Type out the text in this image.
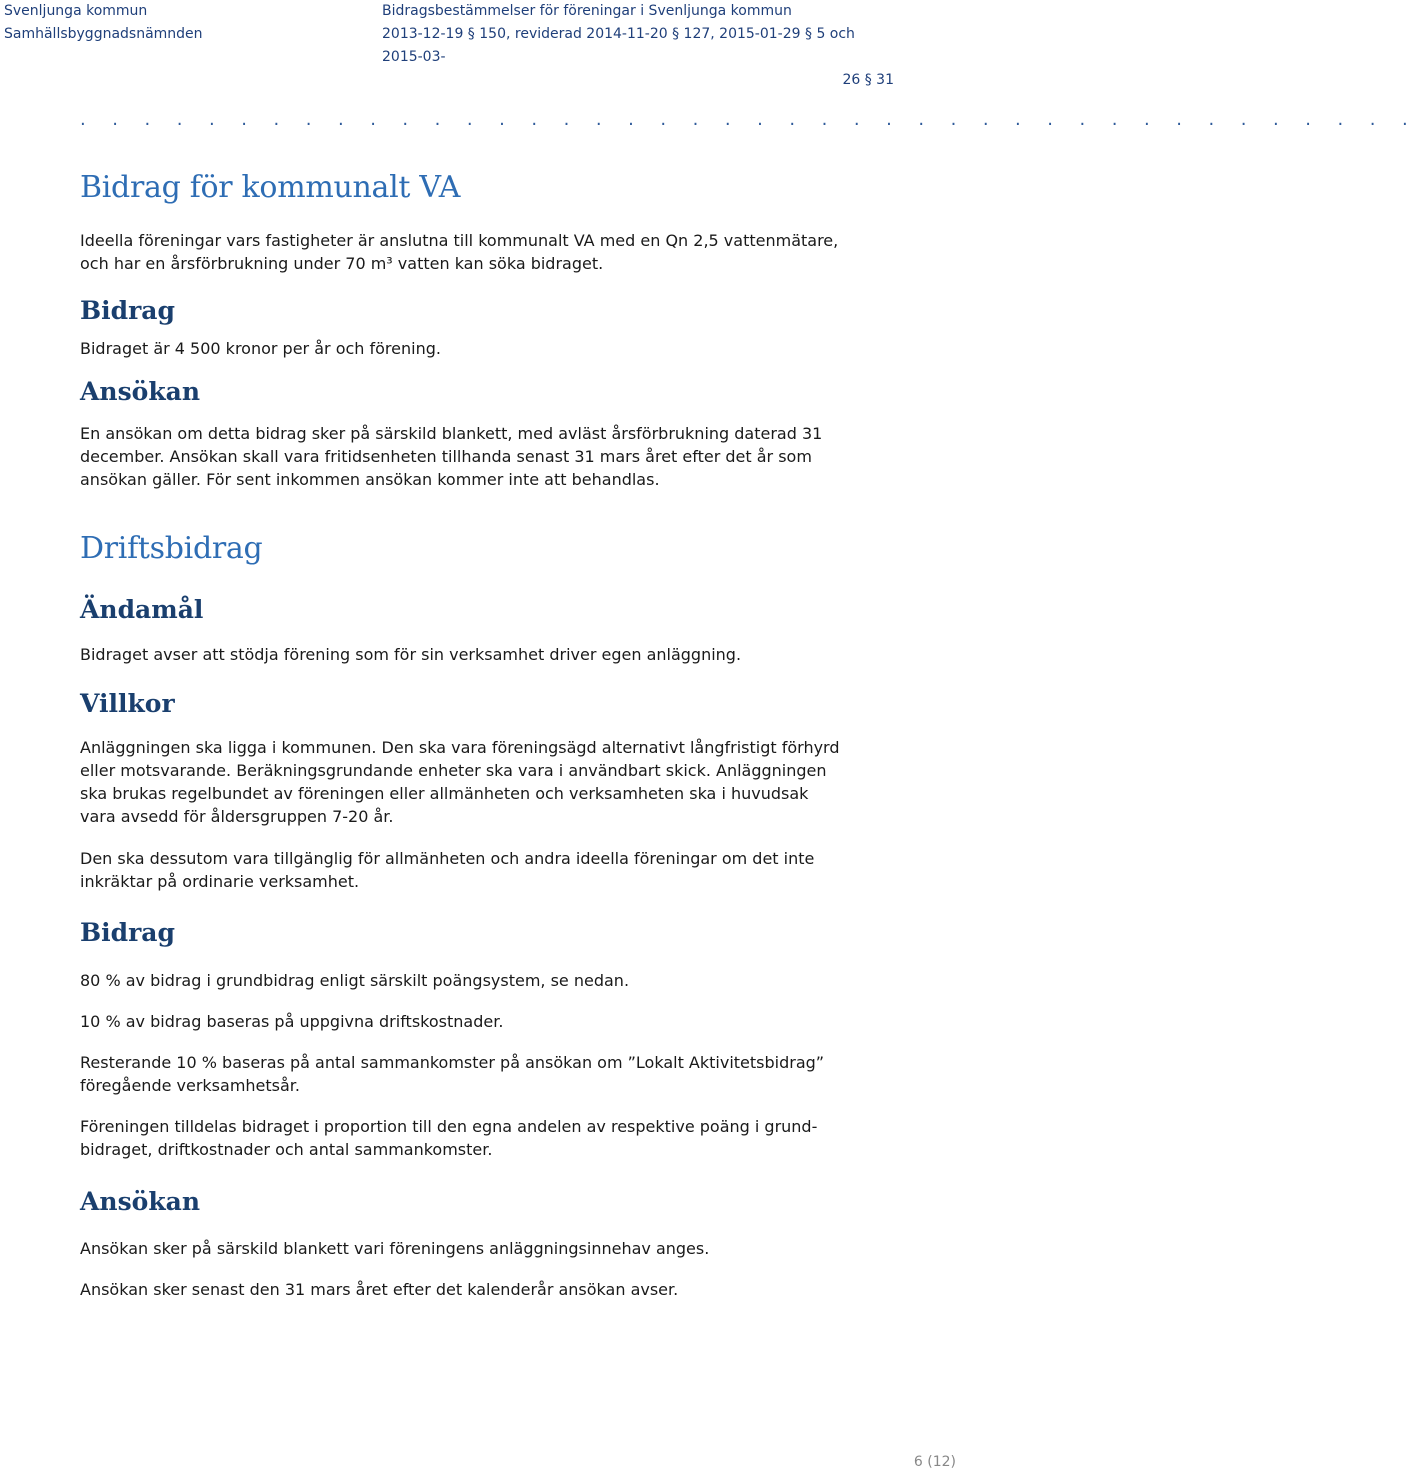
Svenljunga kommun
Samhällsbyggnadsnämnden
Bidragsbestämmelser för föreningar i Svenljunga kommun
2013-12-19 § 150, reviderad 2014-11-20 § 127, 2015-01-29 § 5 och 2015-03-
26 § 31
. . . . . . . . . . . . . . . . . . . . . . . . . . . . . . . . . . . . . . . . . .
Bidrag för kommunalt VA

Ideella föreningar vars fastigheter är anslutna till kommunalt VA med en Qn 2,5 vattenmätare, och har en årsförbrukning under 70 m³ vatten kan söka bidraget.

Bidrag

Bidraget är 4 500 kronor per år och förening.

Ansökan

En ansökan om detta bidrag sker på särskild blankett, med avläst årsförbrukning daterad 31 december. Ansökan skall vara fritidsenheten tillhanda senast 31 mars året efter det år som ansökan gäller. För sent inkommen ansökan kommer inte att behandlas.

Driftsbidrag
Ändamål

Bidraget avser att stödja förening som för sin verksamhet driver egen anläggning.

Villkor

Anläggningen ska ligga i kommunen. Den ska vara föreningsägd alternativt långfristigt förhyrd eller motsvarande. Beräkningsgrundande enheter ska vara i användbart skick. Anläggningen ska brukas regelbundet av föreningen eller allmänheten och verksamheten ska i huvudsak vara avsedd för åldersgruppen 7-20 år.

Den ska dessutom vara tillgänglig för allmänheten och andra ideella föreningar om det inte inkräktar på ordinarie verksamhet.

Bidrag

80 % av bidrag i grundbidrag enligt särskilt poängsystem, se nedan.

10 % av bidrag baseras på uppgivna driftskostnader.

Resterande 10 % baseras på antal sammankomster på ansökan om ”Lokalt Aktivitetsbidrag” föregående verksamhetsår.

Föreningen tilldelas bidraget i proportion till den egna andelen av respektive poäng i grund-bidraget, driftkostnader och antal sammankomster.

Ansökan

Ansökan sker på särskild blankett vari föreningens anläggningsinnehav anges.

Ansökan sker senast den 31 mars året efter det kalenderår ansökan avser.

6 (12)
